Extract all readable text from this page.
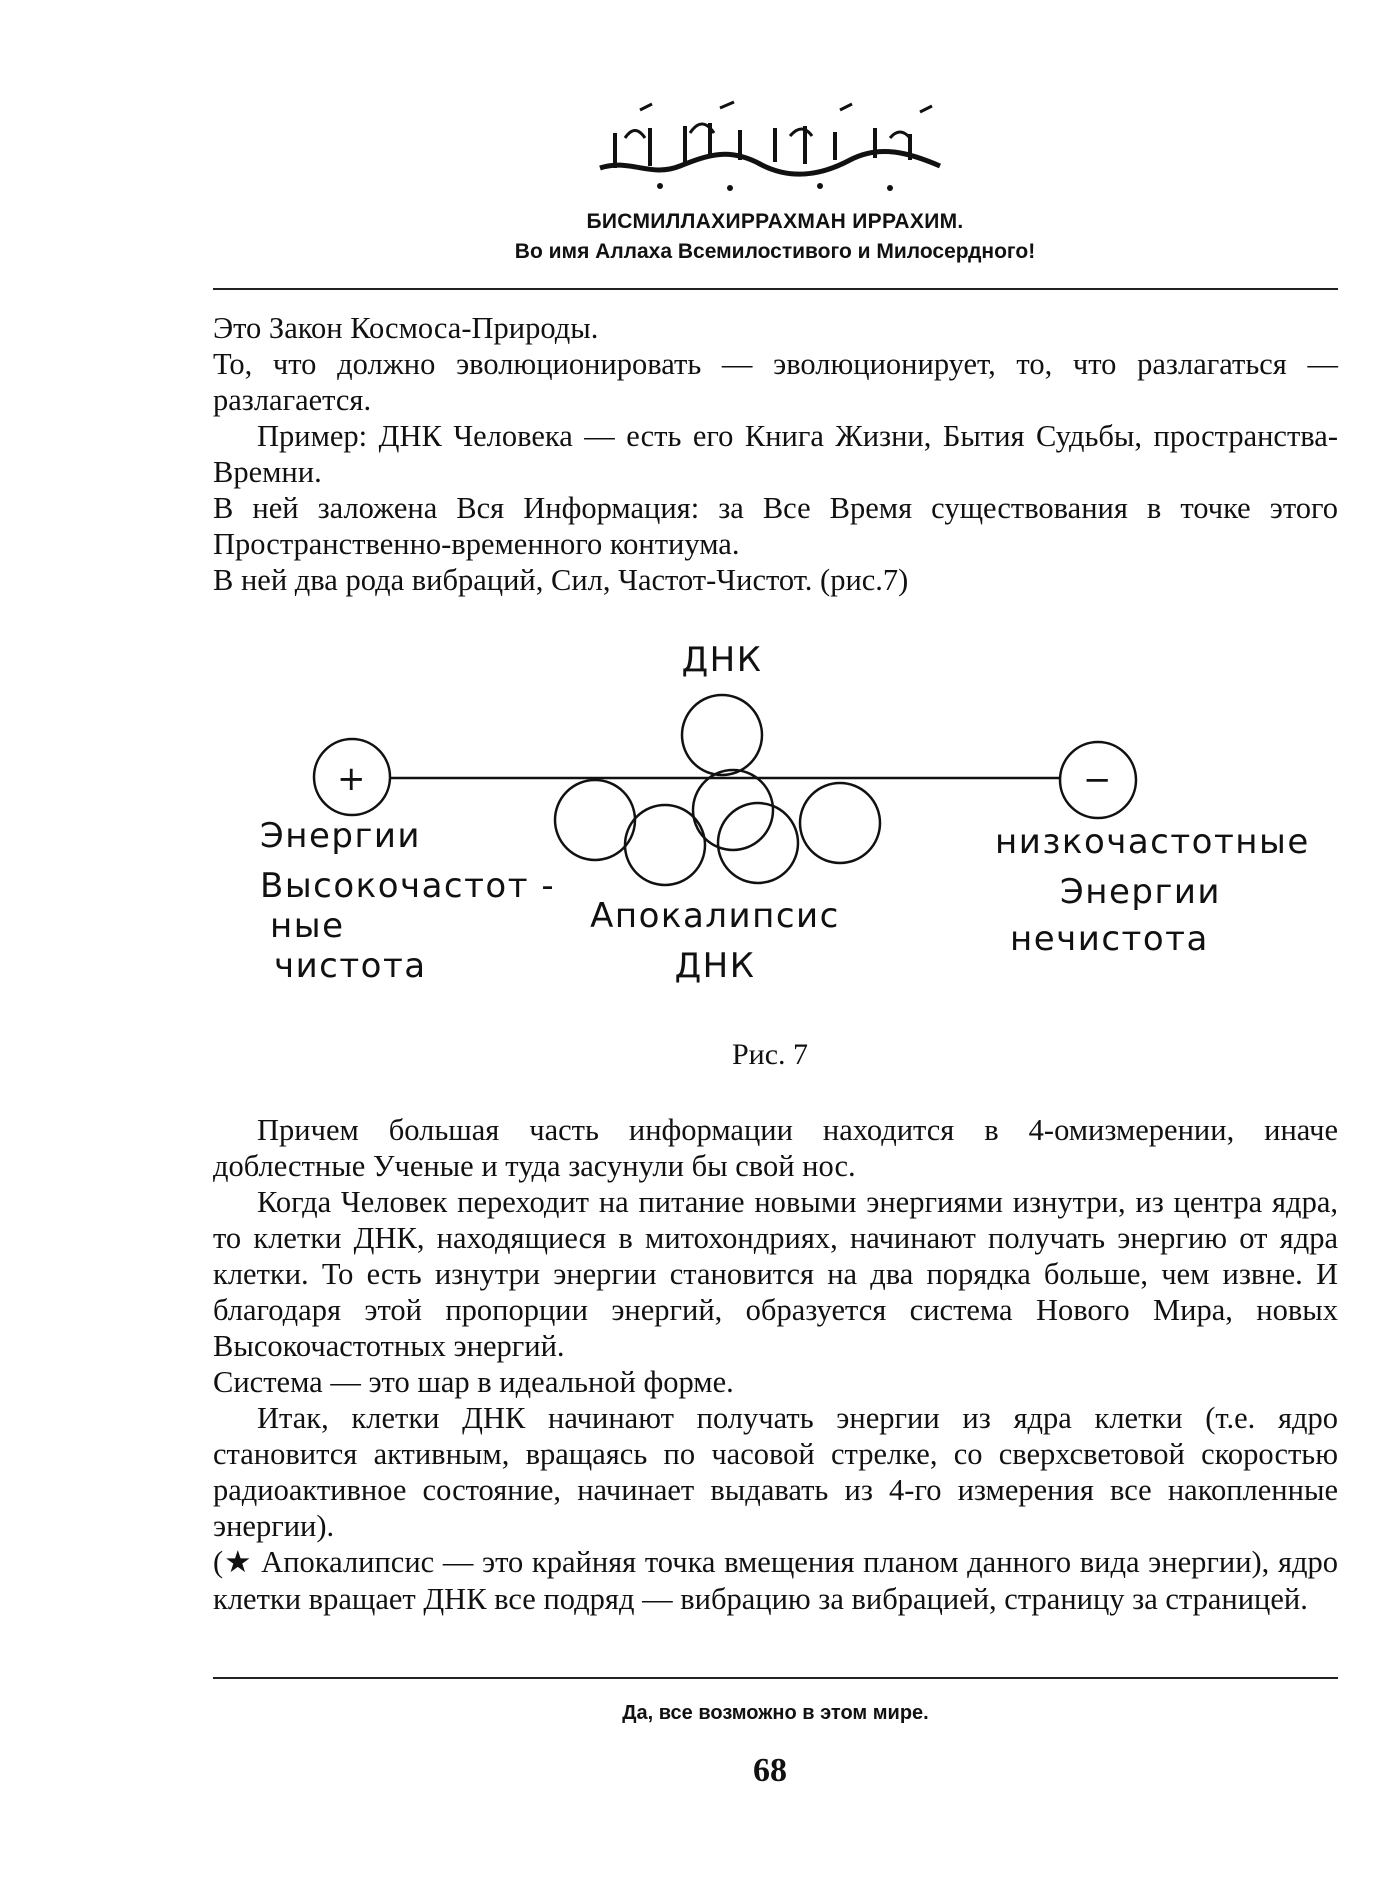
БИСМИЛЛАХИРРАХМАН ИРРАХИМ.
Во имя Аллаха Всемилостивого и Милосердного!

Это Закон Космоса-Природы.

То, что должно эволюционировать — эволюционирует, то, что разлагаться — разлагается.

Пример: ДНК Человека — есть его Книга Жизни, Бытия Судьбы, пространства-Времни.

В ней заложена Вся Информация: за Все Время существования в точке этого Пространственно-временного контиума.

В ней два рода вибраций, Сил, Частот-Чистот. (рис.7)

+	−
ДНК
Энергии
Высокочастот -
ные
чистота
Апокалипсис
ДНК
низкочастотные
Энергии
нечистота
Рис. 7

Причем большая часть информации находится в 4-омизмерении, иначе доблестные Ученые и туда засунули бы свой нос.

Когда Человек переходит на питание новыми энергиями изнутри, из центра ядра, то клетки ДНК, находящиеся в митохондриях, начинают получать энергию от ядра клетки. То есть изнутри энергии становится на два порядка больше, чем извне. И благодаря этой пропорции энергий, образуется система Нового Мира, новых Высокочастотных энергий.

Система — это шар в идеальной форме.

Итак, клетки ДНК начинают получать энергии из ядра клетки (т.е. ядро становится активным, вращаясь по часовой стрелке, со сверхсветовой скоростью радиоактивное состояние, начинает выдавать из 4-го измерения все накопленные энергии).

(★ Апокалипсис — это крайняя точка вмещения планом данного вида энергии), ядро клетки вращает ДНК все подряд — вибрацию за вибрацией, страницу за страницей.

Да, все возможно в этом мире.
68
